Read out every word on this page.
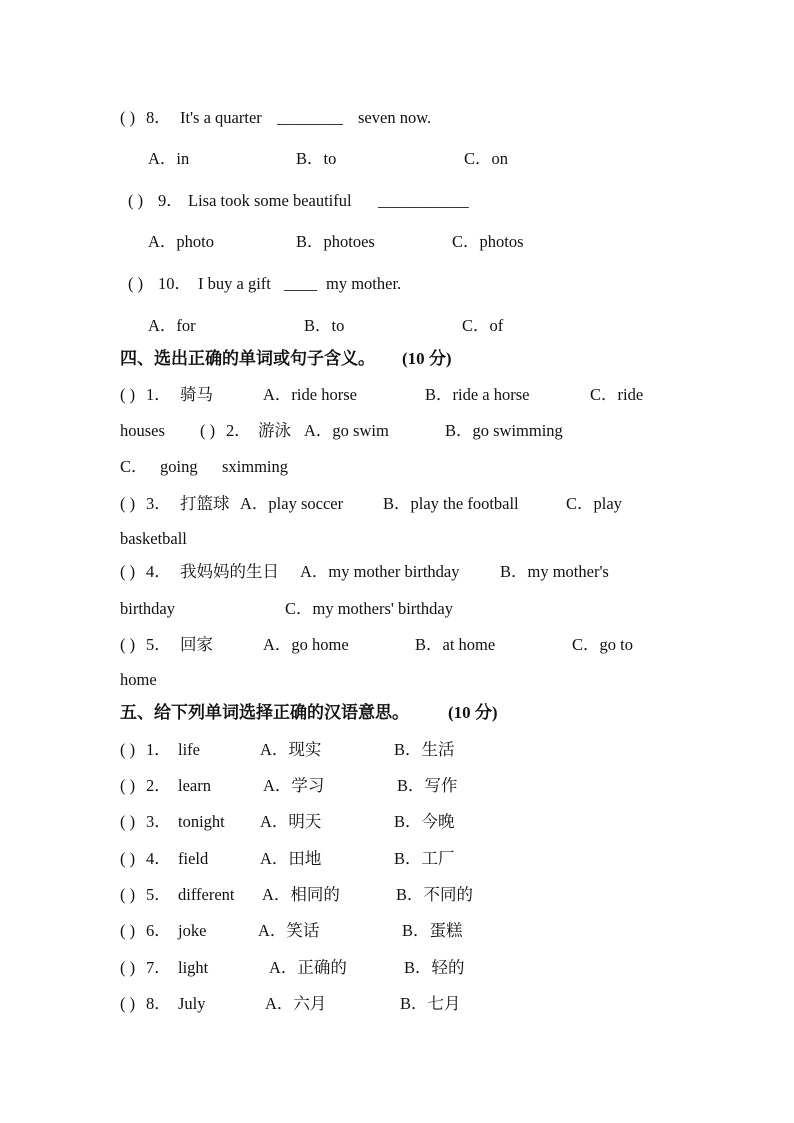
( ) 8． It's a quarter ________ seven now.
A．in	B．to	C．on
( ) 9． Lisa took some beautiful ___________
A．photo	B．photoes	C．photos
( ) 10． I buy a gift ____ my mother.
A．for	B．to	C．of
四、选出正确的单词或句子含义。 (10 分)
( ) 1． 骑马	A．ride horse	B．ride a horse	C．ride
houses ( ) 2． 游泳 A．go swim	B．go swimming
C． going sximming
( ) 3． 打篮球 A．play soccer B．play the football	C．play
basketball
( ) 4． 我妈妈的生日 A．my mother birthday B．my mother's
birthday	C．my mothers' birthday
( ) 5． 回家	A．go home	B．at home	C．go to
home
五、给下列单词选择正确的汉语意思。 (10 分)
( ) 1． life	A．现实	B．生活
( ) 2． learn	A．学习	B．写作
( ) 3． tonight A．明天	B．今晚
( ) 4． field	A．田地	B．工厂
( ) 5． different A．相同的	B．不同的
( ) 6． joke	A．笑话	B．蛋糕
( ) 7． light	A．正确的	B．轻的
( ) 8． July	A．六月	B．七月
